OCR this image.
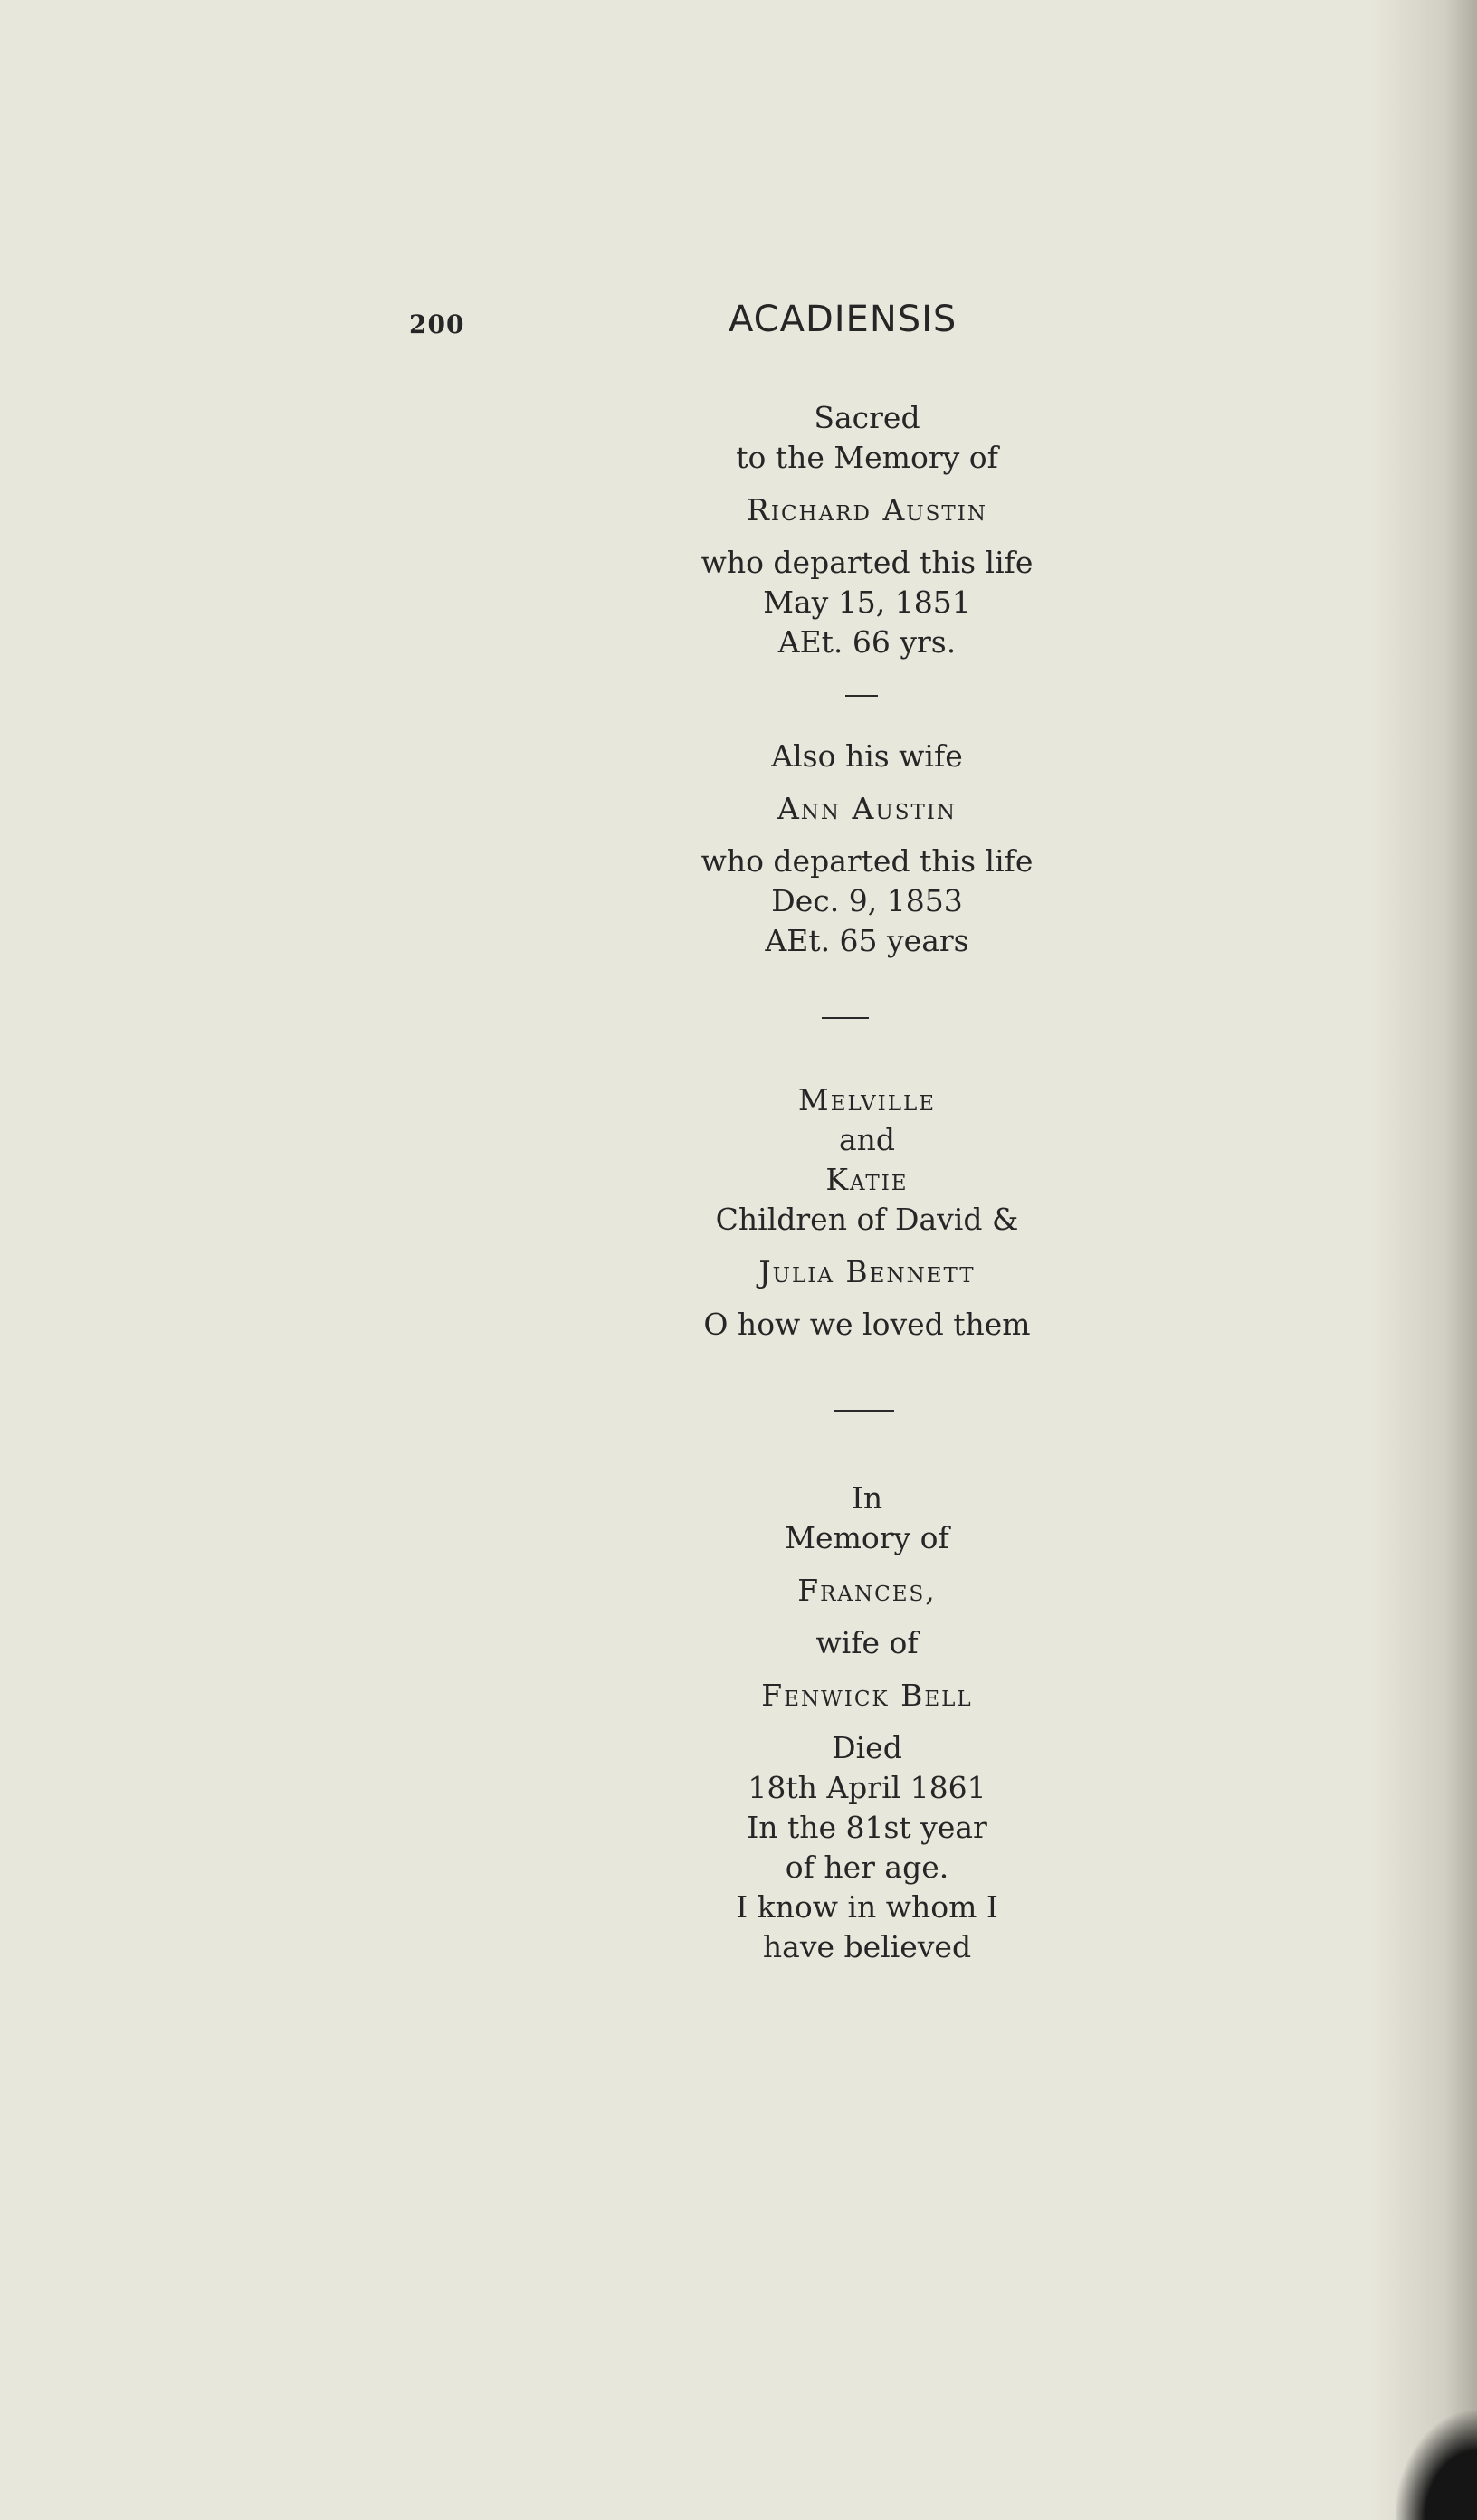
200	ACADIENSIS
Sacred
to the Memory of
Richard Austin
who departed this life
May 15, 1851
AEt. 66 yrs.
Also his wife
Ann Austin
who departed this life
Dec. 9, 1853
AEt. 65 years
Melville
and
Katie
Children of David &
Julia Bennett
O how we loved them
In
Memory of
Frances,
wife of
Fenwick Bell
Died
18th April 1861
In the 81st year
of her age.
I know in whom I
have believed
